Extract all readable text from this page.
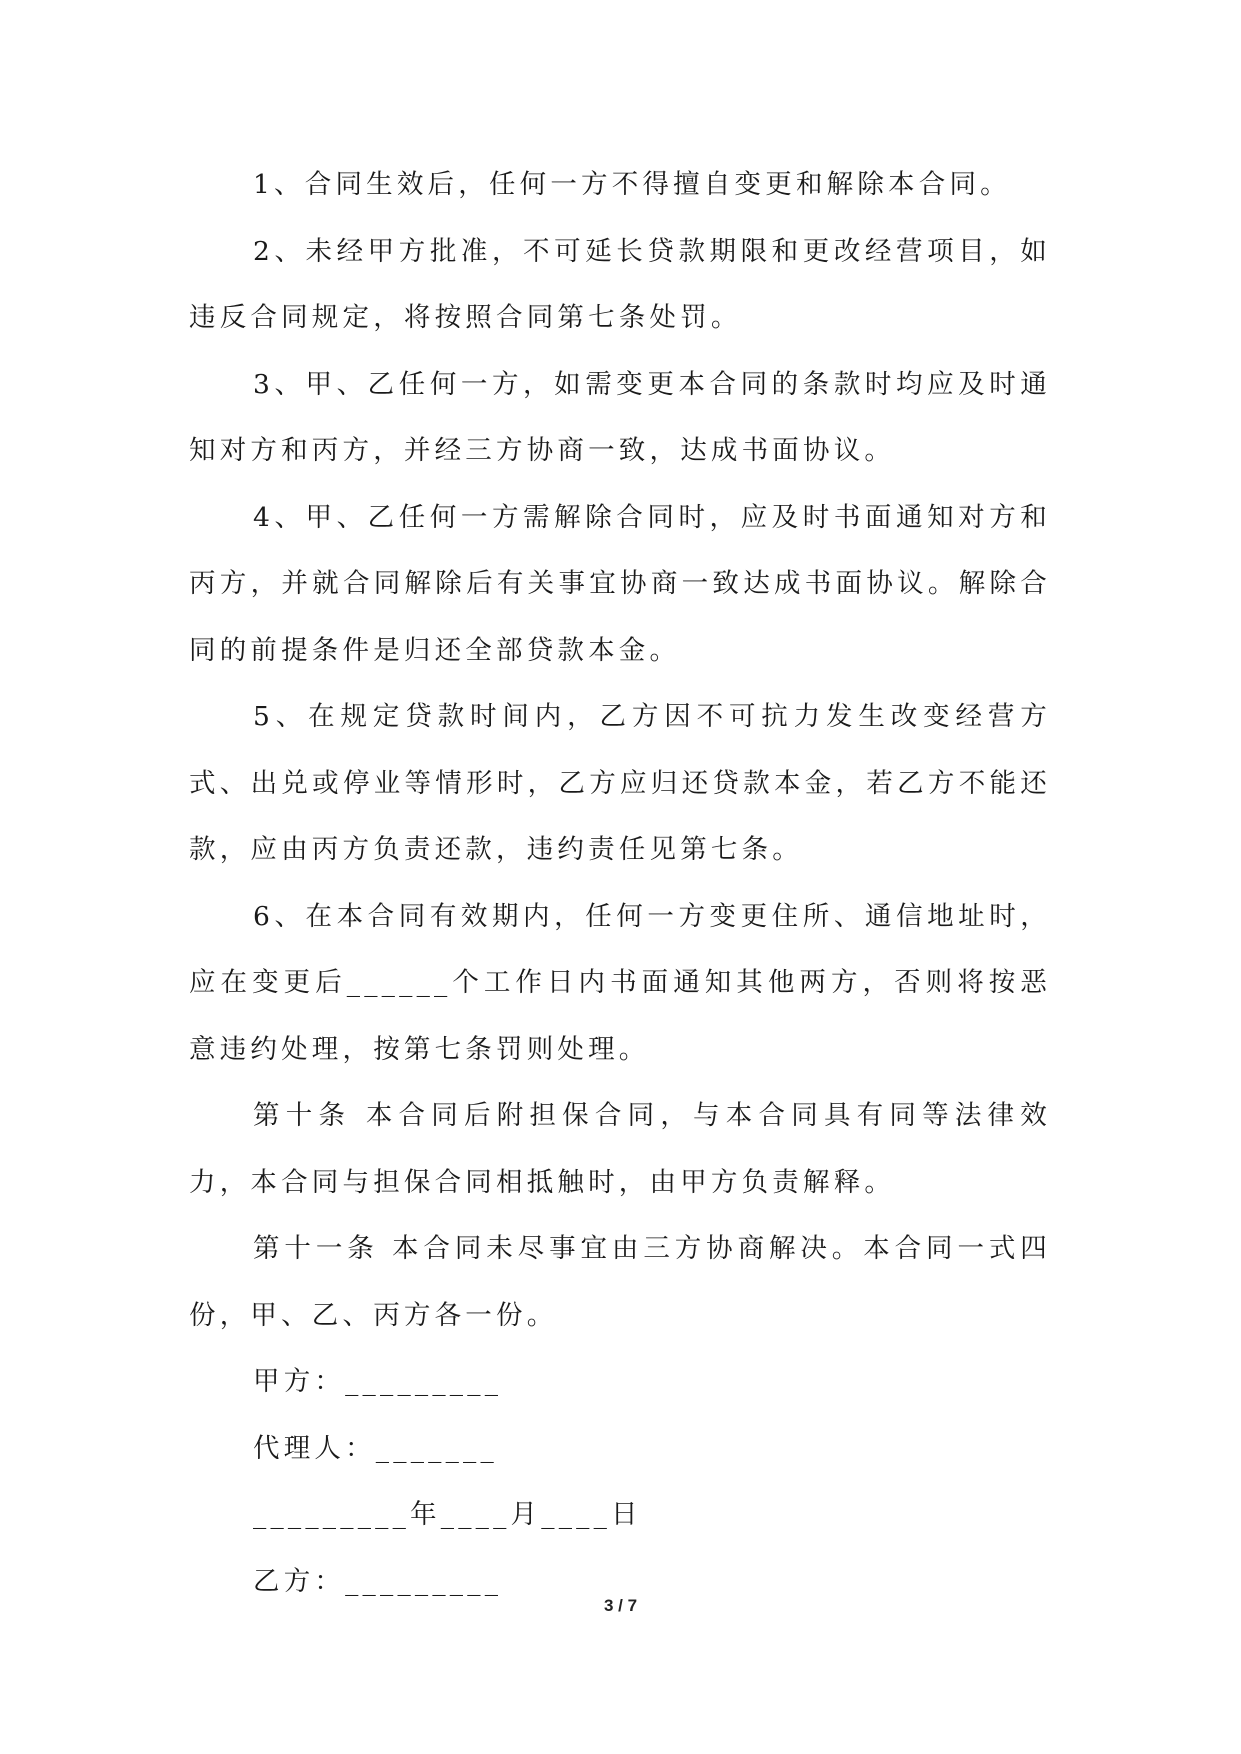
1、合同生效后，任何一方不得擅自变更和解除本合同。

2、未经甲方批准，不可延长贷款期限和更改经营项目，如违反合同规定，将按照合同第七条处罚。

3、甲、乙任何一方，如需变更本合同的条款时均应及时通知对方和丙方，并经三方协商一致，达成书面协议。

4、甲、乙任何一方需解除合同时，应及时书面通知对方和丙方，并就合同解除后有关事宜协商一致达成书面协议。解除合同的前提条件是归还全部贷款本金。

5、在规定贷款时间内，乙方因不可抗力发生改变经营方式、出兑或停业等情形时，乙方应归还贷款本金，若乙方不能还款，应由丙方负责还款，违约责任见第七条。

6、在本合同有效期内，任何一方变更住所、通信地址时，应在变更后______个工作日内书面通知其他两方，否则将按恶意违约处理，按第七条罚则处理。

第十条 本合同后附担保合同，与本合同具有同等法律效力，本合同与担保合同相抵触时，由甲方负责解释。

第十一条 本合同未尽事宜由三方协商解决。本合同一式四份，甲、乙、丙方各一份。

甲方：_________

代理人：_______

_________年____月____日

乙方：_________

3 / 7
